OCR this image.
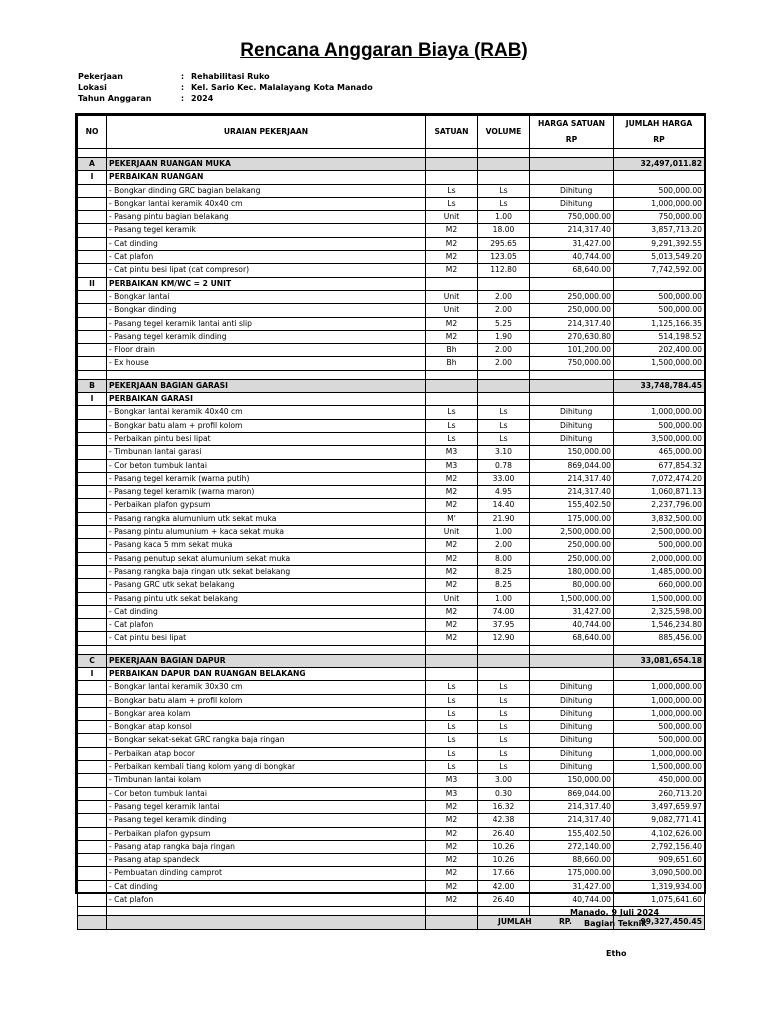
Rencana Anggaran Biaya (RAB)
Pekerjaan	: Rehabilitasi Ruko
Lokasi	: Kel. Sario Kec. Malalayang Kota Manado
Tahun Anggaran	: 2024
NO	URAIAN PEKERJAAN	SATUAN	VOLUME	HARGA SATUAN	JUMLAH HARGA
				RP	RP

A	PEKERJAAN RUANGAN MUKA				32,497,011.82
I	PERBAIKAN RUANGAN				
	- Bongkar dinding GRC bagian belakang	Ls	Ls	Dihitung	500,000.00
	- Bongkar lantai keramik 40x40 cm	Ls	Ls	Dihitung	1,000,000.00
	- Pasang pintu bagian belakang	Unit	1.00	750,000.00	750,000.00
	- Pasang tegel keramik	M2	18.00	214,317.40	3,857,713.20
	- Cat dinding	M2	295.65	31,427.00	9,291,392.55
	- Cat plafon	M2	123.05	40,744.00	5,013,549.20
	- Cat pintu besi lipat (cat compresor)	M2	112.80	68,640.00	7,742,592.00
II	PERBAIKAN KM/WC = 2 UNIT				
	- Bongkar lantai	Unit	2.00	250,000.00	500,000.00
	- Bongkar dinding	Unit	2.00	250,000.00	500,000.00
	- Pasang tegel keramik lantai anti slip	M2	5.25	214,317.40	1,125,166.35
	- Pasang tegel keramik dinding	M2	1.90	270,630.80	514,198.52
	- Floor drain	Bh	2.00	101,200.00	202,400.00
	- Ex house	Bh	2.00	750,000.00	1,500,000.00

B	PEKERJAAN BAGIAN GARASI				33,748,784.45
I	PERBAIKAN GARASI				
	- Bongkar lantai keramik 40x40 cm	Ls	Ls	Dihitung	1,000,000.00
	- Bongkar batu alam + profil kolom	Ls	Ls	Dihitung	500,000.00
	- Perbaikan pintu besi lipat	Ls	Ls	Dihitung	3,500,000.00
	- Timbunan lantai garasi	M3	3.10	150,000.00	465,000.00
	- Cor beton tumbuk lantai	M3	0.78	869,044.00	677,854.32
	- Pasang tegel keramik (warna putih)	M2	33.00	214,317.40	7,072,474.20
	- Pasang tegel keramik (warna maron)	M2	4.95	214,317.40	1,060,871.13
	- Perbaikan plafon gypsum	M2	14.40	155,402.50	2,237,796.00
	- Pasang rangka alumunium utk sekat muka	M'	21.90	175,000.00	3,832,500.00
	- Pasang pintu alumunium + kaca sekat muka	Unit	1.00	2,500,000.00	2,500,000.00
	- Pasang kaca 5 mm sekat muka	M2	2.00	250,000.00	500,000.00
	- Pasang penutup sekat alumunium sekat muka	M2	8.00	250,000.00	2,000,000.00
	- Pasang rangka baja ringan utk sekat belakang	M2	8.25	180,000.00	1,485,000.00
	- Pasang GRC utk sekat belakang	M2	8.25	80,000.00	660,000.00
	- Pasang pintu utk sekat belakang	Unit	1.00	1,500,000.00	1,500,000.00
	- Cat dinding	M2	74.00	31,427.00	2,325,598.00
	- Cat plafon	M2	37.95	40,744.00	1,546,234.80
	- Cat pintu besi lipat	M2	12.90	68,640.00	885,456.00

C	PEKERJAAN BAGIAN DAPUR				33,081,654.18
I	PERBAIKAN DAPUR DAN RUANGAN BELAKANG				
	- Bongkar lantai keramik 30x30 cm	Ls	Ls	Dihitung	1,000,000.00
	- Bongkar batu alam + profil kolom	Ls	Ls	Dihitung	1,000,000.00
	- Bongkar area kolam	Ls	Ls	Dihitung	1,000,000.00
	- Bongkar atap konsol	Ls	Ls	Dihitung	500,000.00
	- Bongkar sekat-sekat GRC rangka baja ringan	Ls	Ls	Dihitung	500,000.00
	- Perbaikan atap bocor	Ls	Ls	Dihitung	1,000,000.00
	- Perbaikan kembali tiang kolom yang di bongkar	Ls	Ls	Dihitung	1,500,000.00
	- Timbunan lantai kolam	M3	3.00	150,000.00	450,000.00
	- Cor beton tumbuk lantai	M3	0.30	869,044.00	260,713.20
	- Pasang tegel keramik lantai	M2	16.32	214,317.40	3,497,659.97
	- Pasang tegel keramik dinding	M2	42.38	214,317.40	9,082,771.41
	- Perbaikan plafon gypsum	M2	26.40	155,402.50	4,102,626.00
	- Pasang atap rangka baja ringan	M2	10.26	272,140.00	2,792,156.40
	- Pasang atap spandeck	M2	10.26	88,660.00	909,651.60
	- Pembuatan dinding camprot	M2	17.66	175,000.00	3,090,500.00
	- Cat dinding	M2	42.00	31,427.00	1,319,934.00
	- Cat plafon	M2	26.40	40,744.00	1,075,641.60

			JUMLAH RP.		99,327,450.45
Manado, 9 Juli 2024
Bagian Teknik
Etho
